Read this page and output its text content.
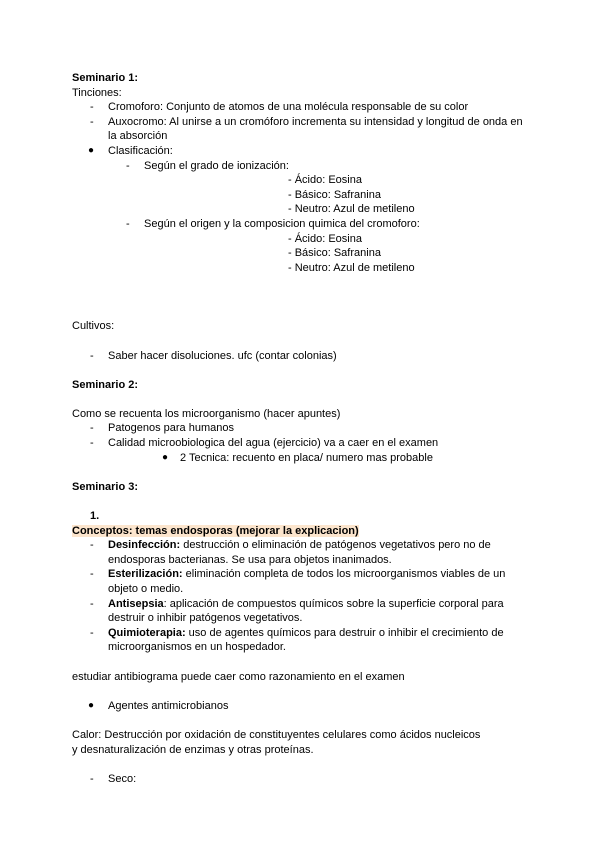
Seminario 1:
Tinciones:
- Cromoforo: Conjunto de atomos de una molécula responsable de su color
- Auxocromo: Al unirse a un cromóforo incrementa su intensidad y longitud de onda en
la absorción
● Clasificación:
- Según el grado de ionización:
- Ácido: Eosina
- Básico: Safranina
- Neutro: Azul de metileno
- Según el origen y la composicion quimica del cromoforo:
- Ácido: Eosina
- Básico: Safranina
- Neutro: Azul de metileno
Cultivos:
- Saber hacer disoluciones. ufc (contar colonias)
Seminario 2:
Como se recuenta los microorganismo (hacer apuntes)
- Patogenos para humanos
- Calidad microobiologica del agua (ejercicio) va a caer en el examen
● 2 Tecnica: recuento en placa/ numero mas probable
Seminario 3:
1.
Conceptos: temas endosporas (mejorar la explicacion)
- Desinfección: destrucción o eliminación de patógenos vegetativos pero no de
endosporas bacterianas. Se usa para objetos inanimados.
- Esterilización: eliminación completa de todos los microorganismos viables de un
objeto o medio.
- Antisepsia: aplicación de compuestos químicos sobre la superficie corporal para
destruir o inhibir patógenos vegetativos.
- Quimioterapia: uso de agentes químicos para destruir o inhibir el crecimiento de
microorganismos en un hospedador.
estudiar antibiograma puede caer como razonamiento en el examen
● Agentes antimicrobianos
Calor: Destrucción por oxidación de constituyentes celulares como ácidos nucleicos
y desnaturalización de enzimas y otras proteínas.
- Seco:
